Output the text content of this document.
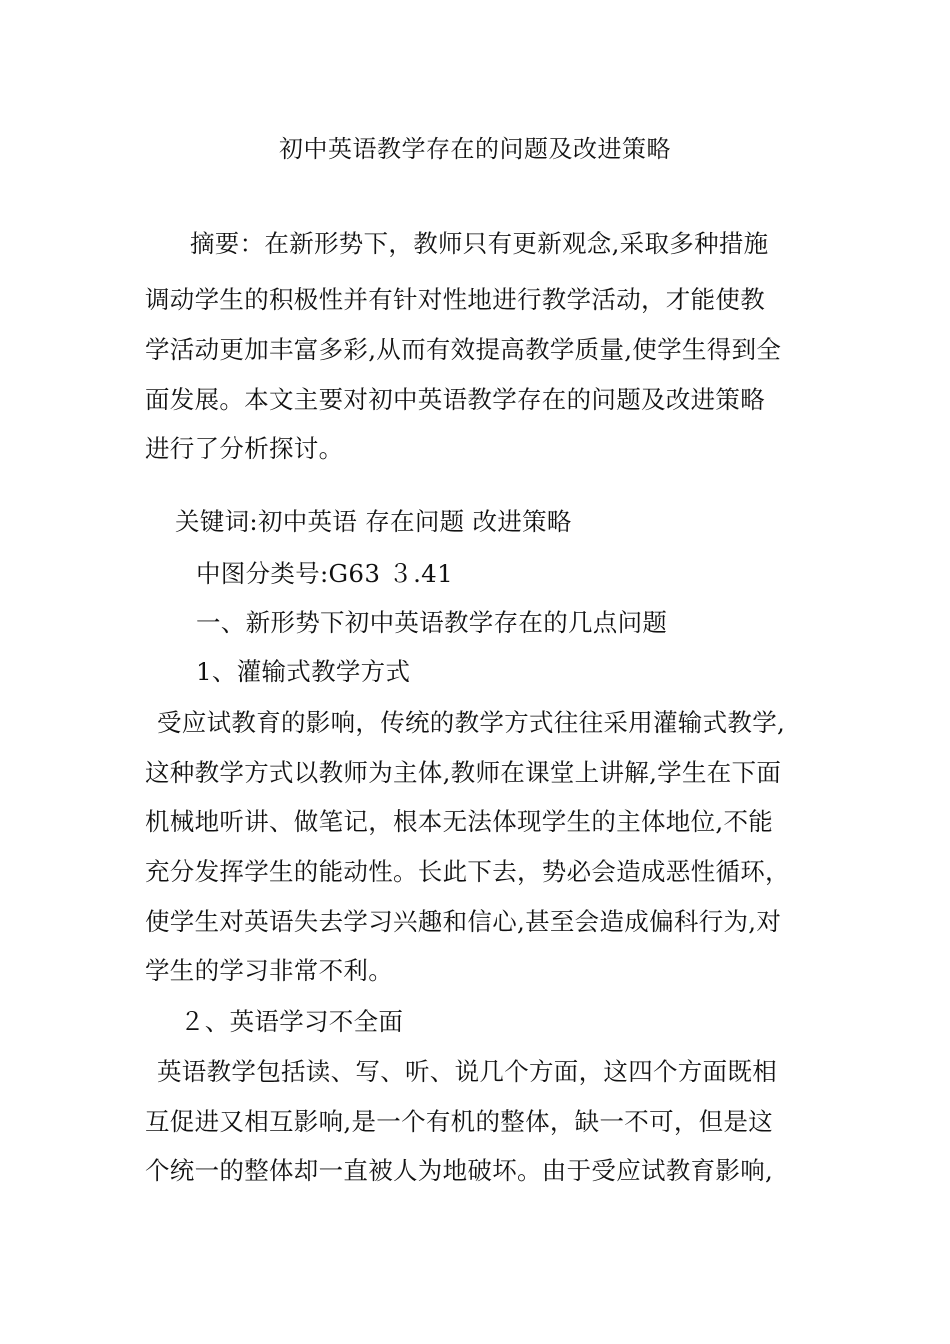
初中英语教学存在的问题及改进策略
摘要：在新形势下，教师只有更新观念,采取多种措施
调动学生的积极性并有针对性地进行教学活动，才能使教
学活动更加丰富多彩,从而有效提高教学质量,使学生得到全
面发展。本文主要对初中英语教学存在的问题及改进策略
进行了分析探讨。
关键词:初中英语 存在问题 改进策略
中图分类号:G63 ３.41
一、新形势下初中英语教学存在的几点问题
1、灌输式教学方式
受应试教育的影响，传统的教学方式往往采用灌输式教学,
这种教学方式以教师为主体,教师在课堂上讲解,学生在下面
机械地听讲、做笔记，根本无法体现学生的主体地位,不能
充分发挥学生的能动性。长此下去，势必会造成恶性循环，
使学生对英语失去学习兴趣和信心,甚至会造成偏科行为,对
学生的学习非常不利。
２、英语学习不全面
英语教学包括读、写、听、说几个方面，这四个方面既相
互促进又相互影响,是一个有机的整体，缺一不可，但是这
个统一的整体却一直被人为地破坏。由于受应试教育影响,
